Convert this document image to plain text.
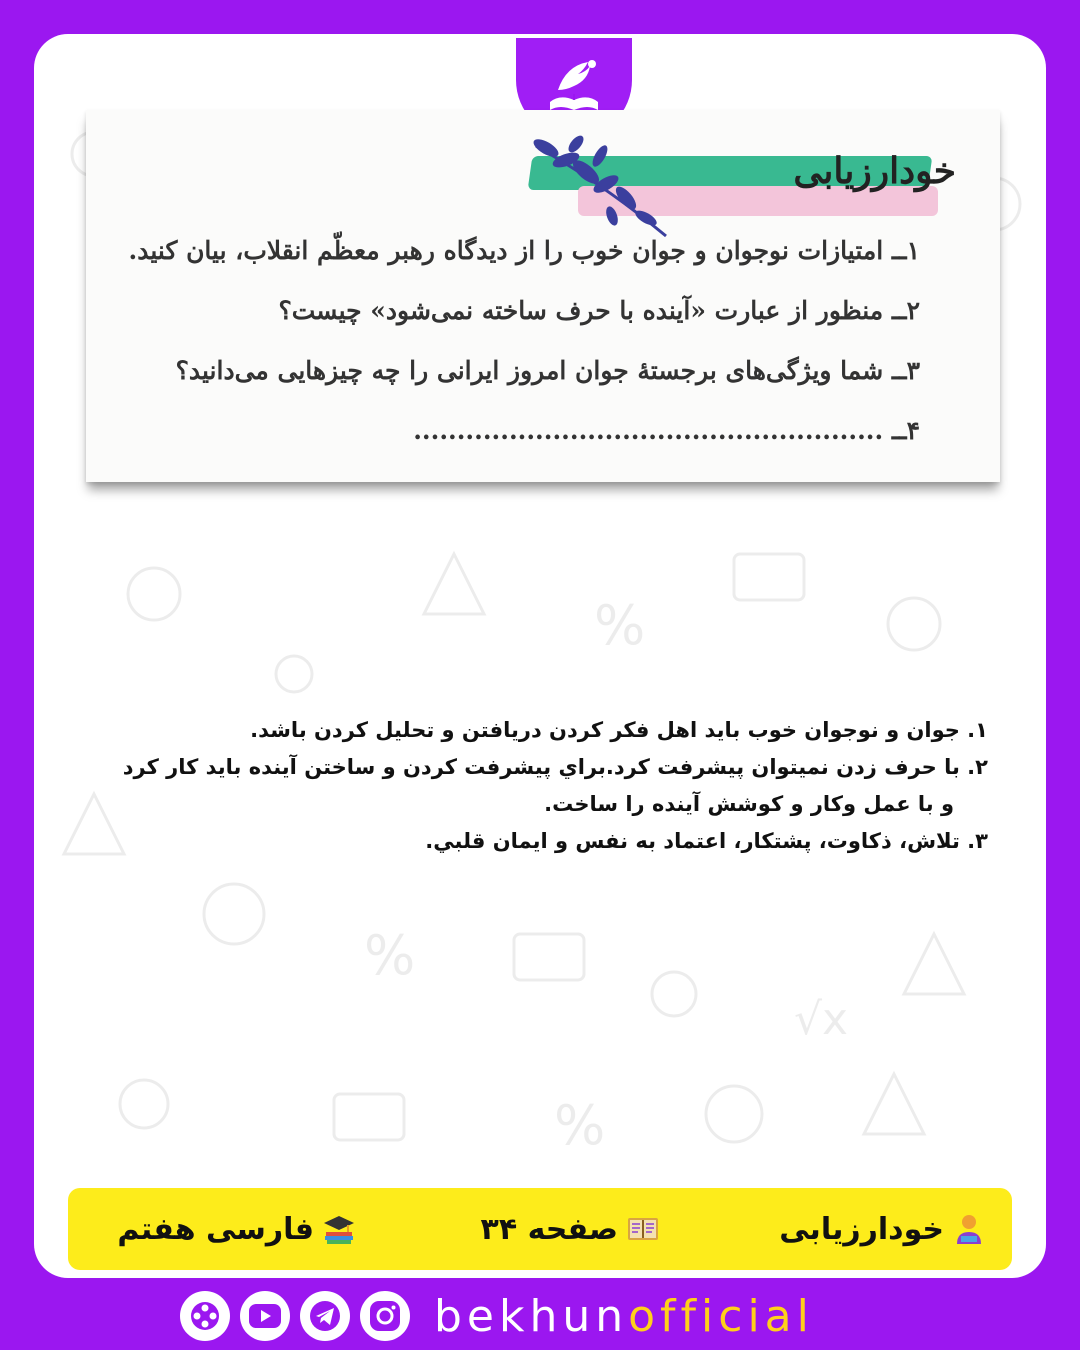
%
%
√x
%
خودارزیابی
۱ــ امتیازات نوجوان و جوان خوب را از دیدگاه رهبر معظّم انقلاب، بیان کنید.
۲ــ منظور از عبارت «آینده با حرف ساخته نمی‌شود» چیست؟
۳ــ شما ویژگی‌های برجستهٔ جوان امروز ایرانی را چه چیزهایی می‌دانید؟
۴ــ ......................................................
۱. جوان و نوجوان خوب باید اهل فکر کردن دریافتن و تحلیل کردن باشد.
۲. با حرف زدن نمیتوان پیشرفت کرد.براي پیشرفت کردن و ساختن آینده باید کار کرد
و با عمل وکار و کوشش آینده را ساخت.
۳. تلاش، ذکاوت، پشتکار، اعتماد به نفس و ایمان قلبي.
خودارزیابی
صفحه ۳۴
فارسی هفتم
bekhunofficial
